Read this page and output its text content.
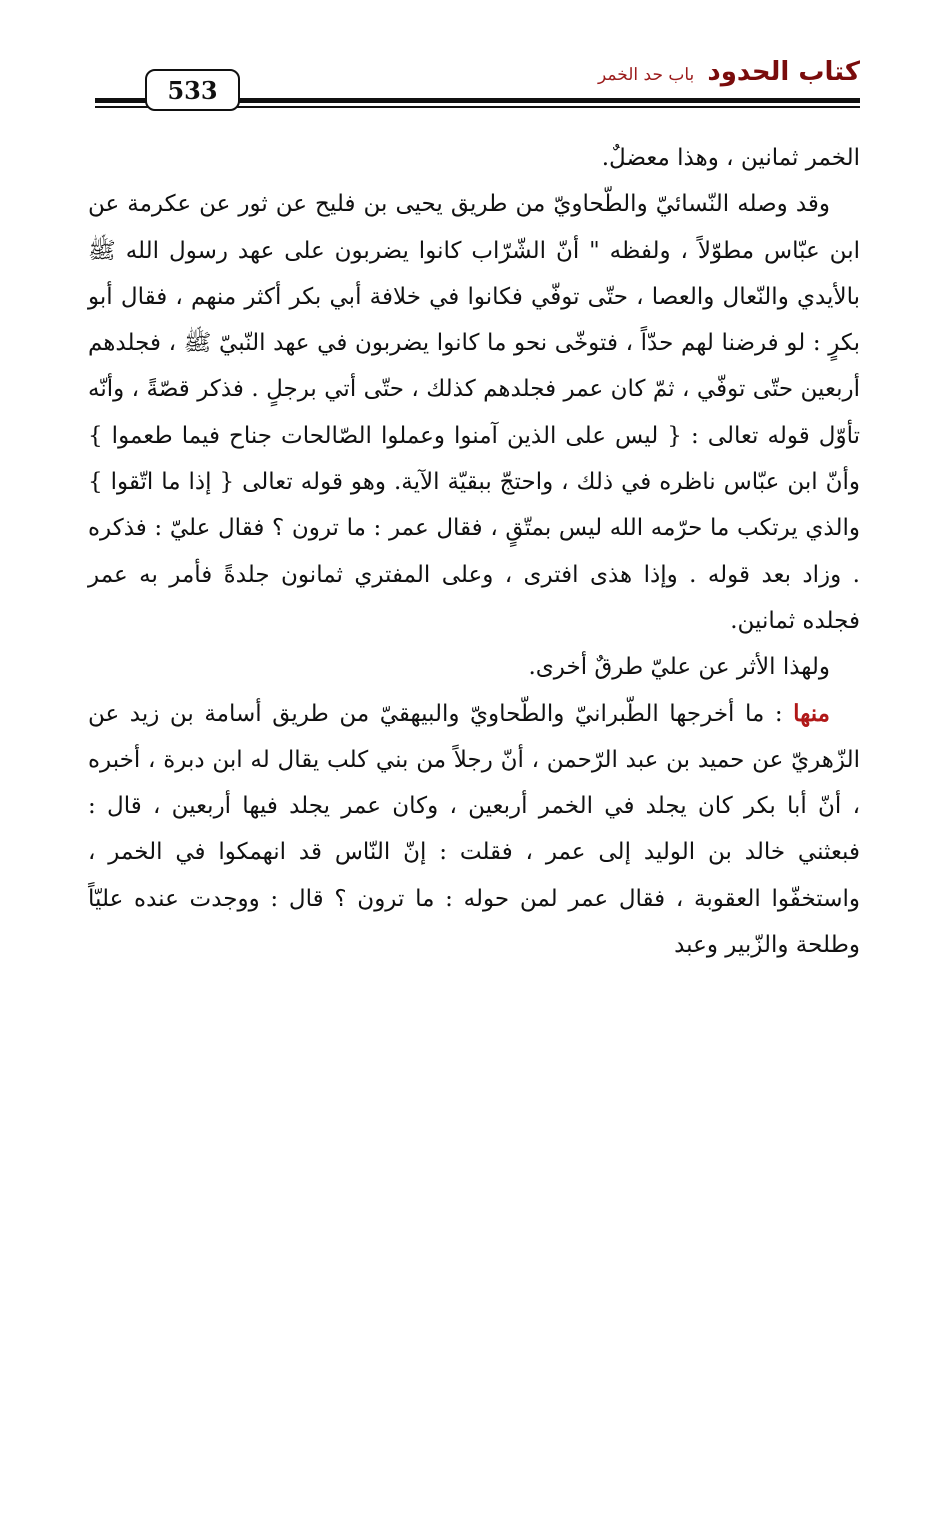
كتاب الحدود باب حد الخمر
533

الخمر ثمانين ، وهذا معضلٌ.

وقد وصله النّسائيّ والطّحاويّ من طريق يحيى بن فليح عن ثور عن عكرمة عن ابن عبّاس مطوّلاً ، ولفظه " أنّ الشّرّاب كانوا يضربون على عهد رسول الله ﷺ بالأيدي والنّعال والعصا ، حتّى توفّي فكانوا في خلافة أبي بكر أكثر منهم ، فقال أبو بكرٍ : لو فرضنا لهم حدّاً ، فتوخّى نحو ما كانوا يضربون في عهد النّبيّ ﷺ ، فجلدهم أربعين حتّى توفّي ، ثمّ كان عمر فجلدهم كذلك ، حتّى أتي برجلٍ . فذكر قصّةً ، وأنّه تأوّل قوله تعالى : { ليس على الذين آمنوا وعملوا الصّالحات جناح فيما طعموا } وأنّ ابن عبّاس ناظره في ذلك ، واحتجّ ببقيّة الآية. وهو قوله تعالى { إذا ما اتّقوا } والذي يرتكب ما حرّمه الله ليس بمتّقٍ ، فقال عمر : ما ترون ؟ فقال عليّ : فذكره . وزاد بعد قوله . وإذا هذى افترى ، وعلى المفتري ثمانون جلدةً فأمر به عمر فجلده ثمانين.

ولهذا الأثر عن عليّ طرقٌ أخرى.

منها : ما أخرجها الطّبرانيّ والطّحاويّ والبيهقيّ من طريق أسامة بن زيد عن الزّهريّ عن حميد بن عبد الرّحمن ، أنّ رجلاً من بني كلب يقال له ابن دبرة ، أخبره ، أنّ أبا بكر كان يجلد في الخمر أربعين ، وكان عمر يجلد فيها أربعين ، قال : فبعثني خالد بن الوليد إلى عمر ، فقلت : إنّ النّاس قد انهمكوا في الخمر ، واستخفّوا العقوبة ، فقال عمر لمن حوله : ما ترون ؟ قال : ووجدت عنده عليّاً وطلحة والزّبير وعبد
